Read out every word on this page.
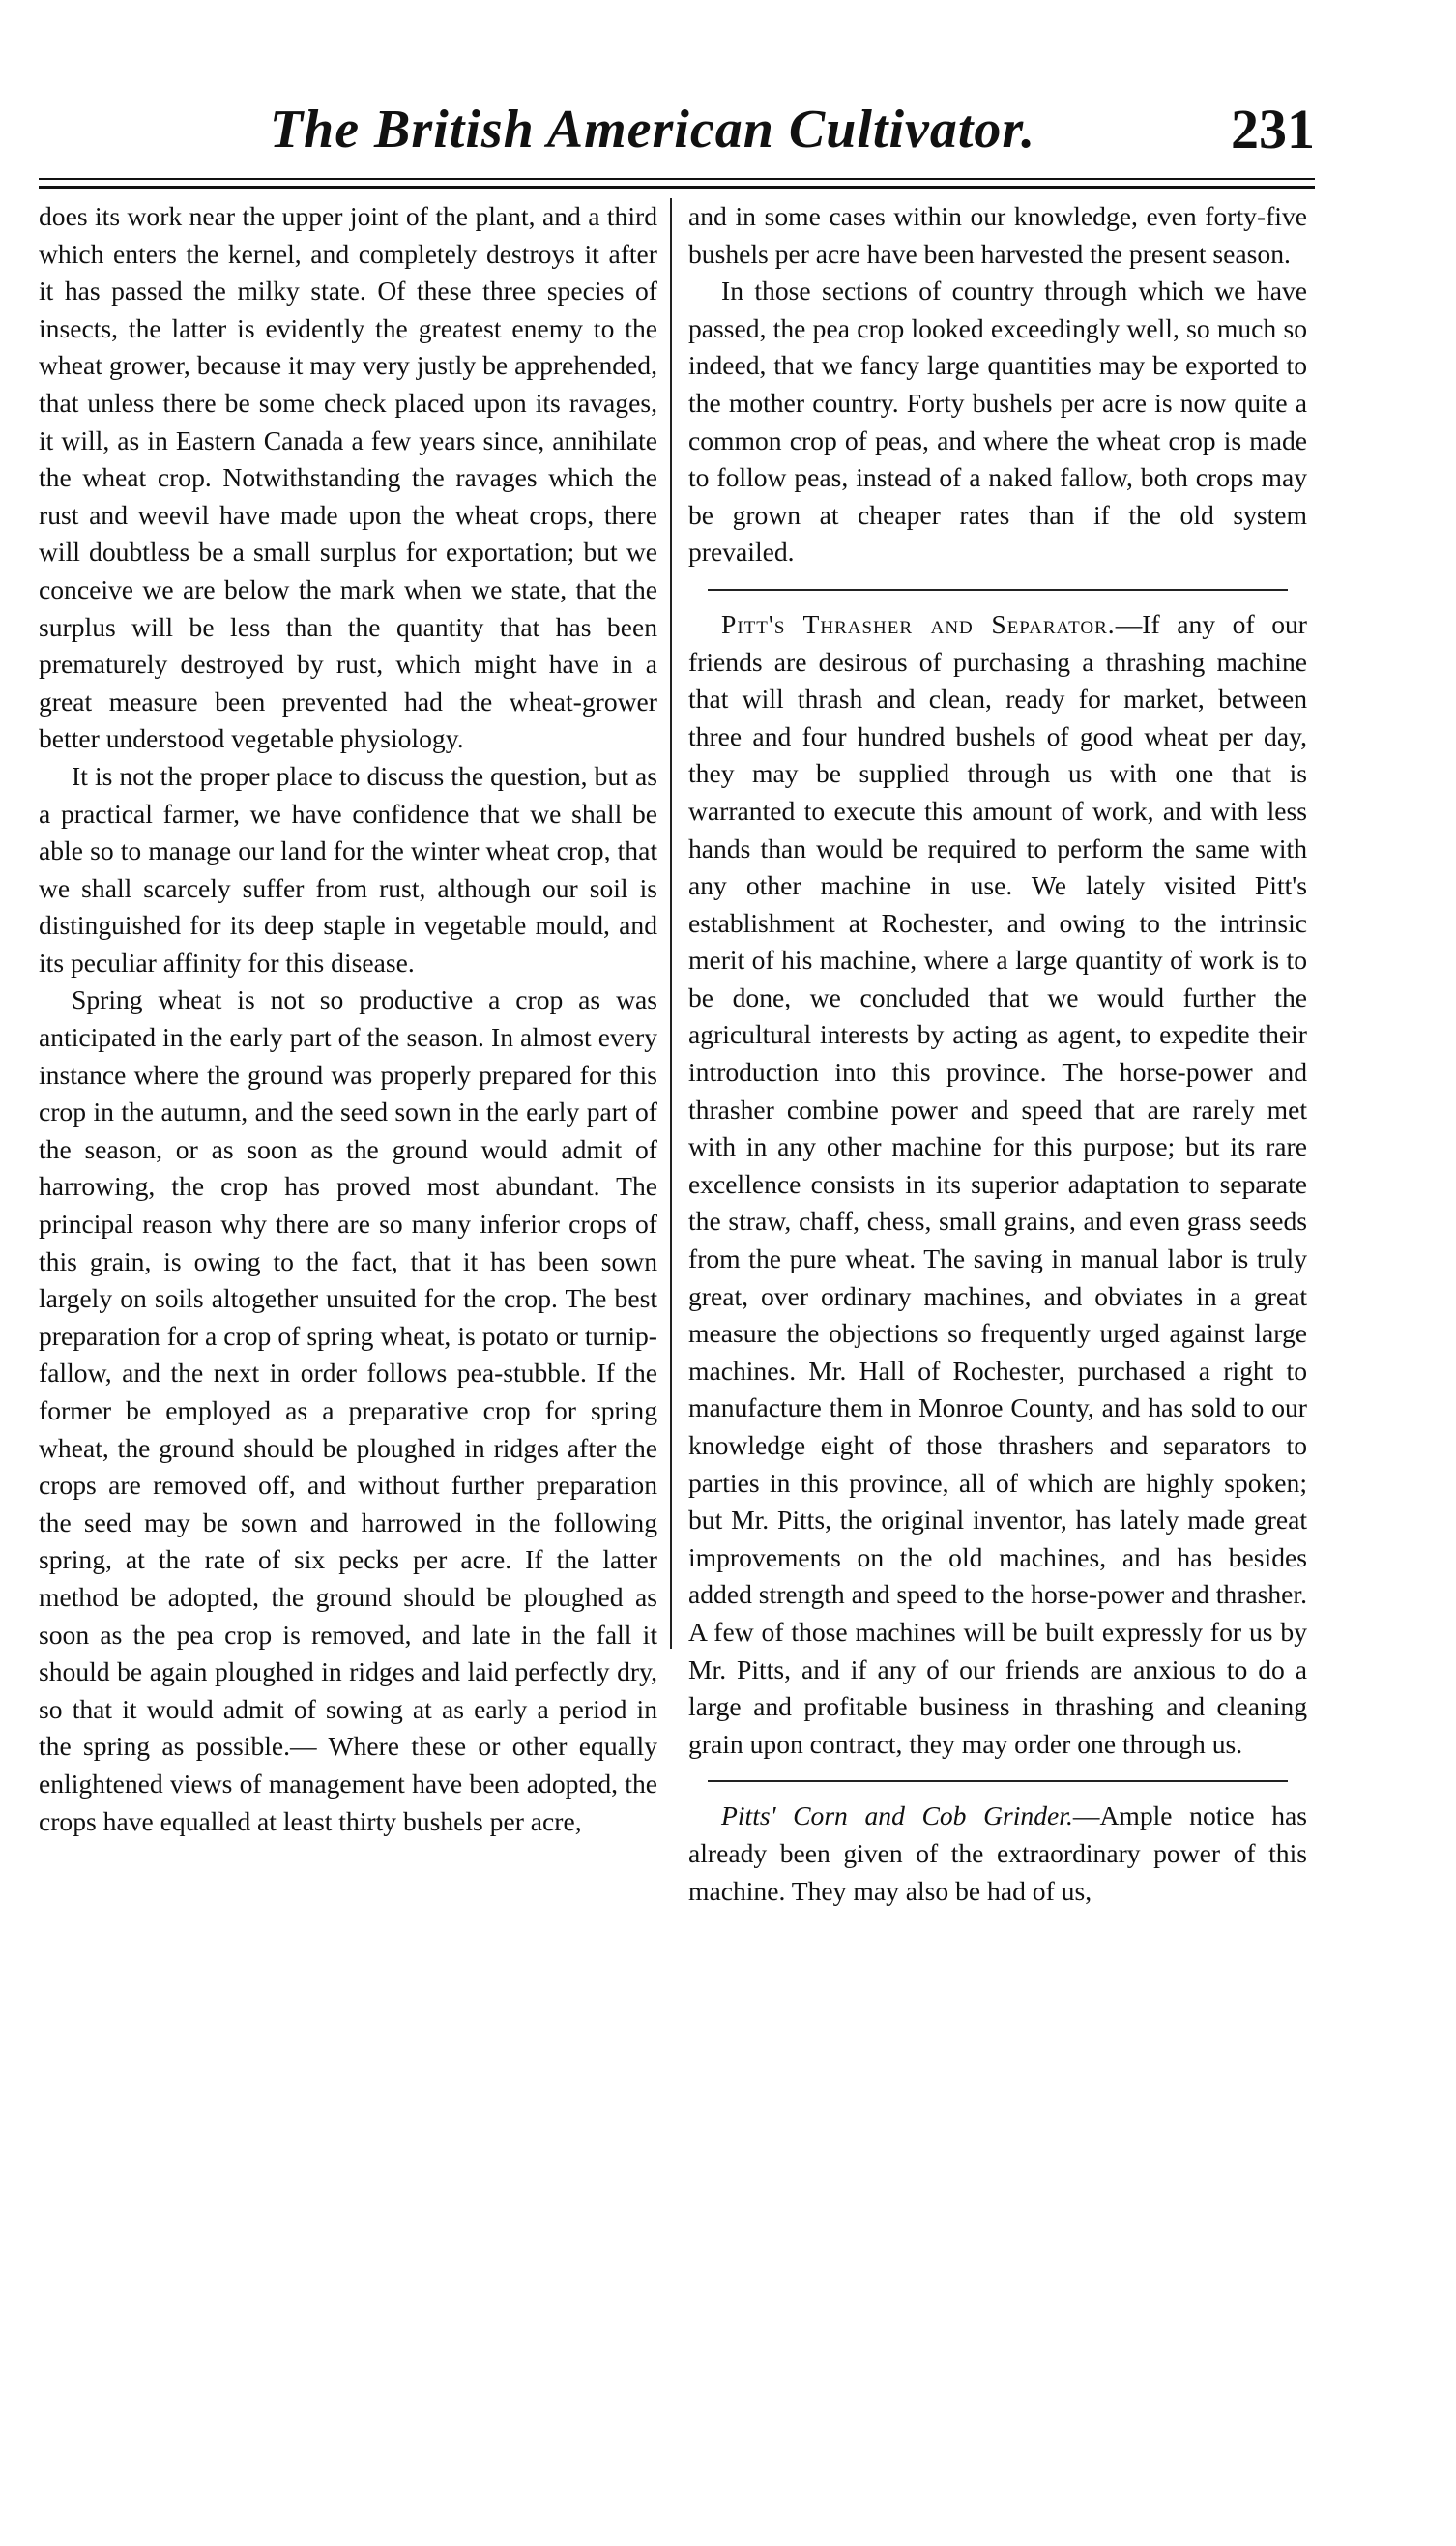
The British American Cultivator.	231

does its work near the upper joint of the plant, and a third which enters the kernel, and completely destroys it after it has passed the milky state. Of these three species of insects, the latter is evidently the greatest enemy to the wheat grower, because it may very justly be apprehended, that unless there be some check placed upon its ravages, it will, as in Eastern Canada a few years since, annihilate the wheat crop. Notwithstanding the ravages which the rust and weevil have made upon the wheat crops, there will doubtless be a small surplus for exportation; but we conceive we are below the mark when we state, that the surplus will be less than the quantity that has been prematurely destroyed by rust, which might have in a great measure been prevented had the wheat-grower better understood vegetable physiology.

It is not the proper place to discuss the question, but as a practical farmer, we have confidence that we shall be able so to manage our land for the winter wheat crop, that we shall scarcely suffer from rust, although our soil is distinguished for its deep staple in vegetable mould, and its peculiar affinity for this disease.

Spring wheat is not so productive a crop as was anticipated in the early part of the season. In almost every instance where the ground was properly prepared for this crop in the autumn, and the seed sown in the early part of the season, or as soon as the ground would admit of harrowing, the crop has proved most abundant. The principal reason why there are so many inferior crops of this grain, is owing to the fact, that it has been sown largely on soils altogether unsuited for the crop. The best preparation for a crop of spring wheat, is potato or turnip-fallow, and the next in order follows pea-stubble. If the former be employed as a preparative crop for spring wheat, the ground should be ploughed in ridges after the crops are removed off, and without further preparation the seed may be sown and harrowed in the following spring, at the rate of six pecks per acre. If the latter method be adopted, the ground should be ploughed as soon as the pea crop is removed, and late in the fall it should be again ploughed in ridges and laid perfectly dry, so that it would admit of sowing at as early a period in the spring as possible.— Where these or other equally enlightened views of management have been adopted, the crops have equalled at least thirty bushels per acre,

and in some cases within our knowledge, even forty-five bushels per acre have been harvested the present season.

In those sections of country through which we have passed, the pea crop looked exceedingly well, so much so indeed, that we fancy large quantities may be exported to the mother country. Forty bushels per acre is now quite a common crop of peas, and where the wheat crop is made to follow peas, instead of a naked fallow, both crops may be grown at cheaper rates than if the old system prevailed.

Pitt's Thrasher and Separator.—If any of our friends are desirous of purchasing a thrashing machine that will thrash and clean, ready for market, between three and four hundred bushels of good wheat per day, they may be supplied through us with one that is warranted to execute this amount of work, and with less hands than would be required to perform the same with any other machine in use. We lately visited Pitt's establishment at Rochester, and owing to the intrinsic merit of his machine, where a large quantity of work is to be done, we concluded that we would further the agricultural interests by acting as agent, to expedite their introduction into this province. The horse-power and thrasher combine power and speed that are rarely met with in any other machine for this purpose; but its rare excellence consists in its superior adaptation to separate the straw, chaff, chess, small grains, and even grass seeds from the pure wheat. The saving in manual labor is truly great, over ordinary machines, and obviates in a great measure the objections so frequently urged against large machines. Mr. Hall of Rochester, purchased a right to manufacture them in Monroe County, and has sold to our knowledge eight of those thrashers and separators to parties in this province, all of which are highly spoken; but Mr. Pitts, the original inventor, has lately made great improvements on the old machines, and has besides added strength and speed to the horse-power and thrasher. A few of those machines will be built expressly for us by Mr. Pitts, and if any of our friends are anxious to do a large and profitable business in thrashing and cleaning grain upon contract, they may order one through us.

Pitts' Corn and Cob Grinder.—Ample notice has already been given of the extraordinary power of this machine. They may also be had of us,
